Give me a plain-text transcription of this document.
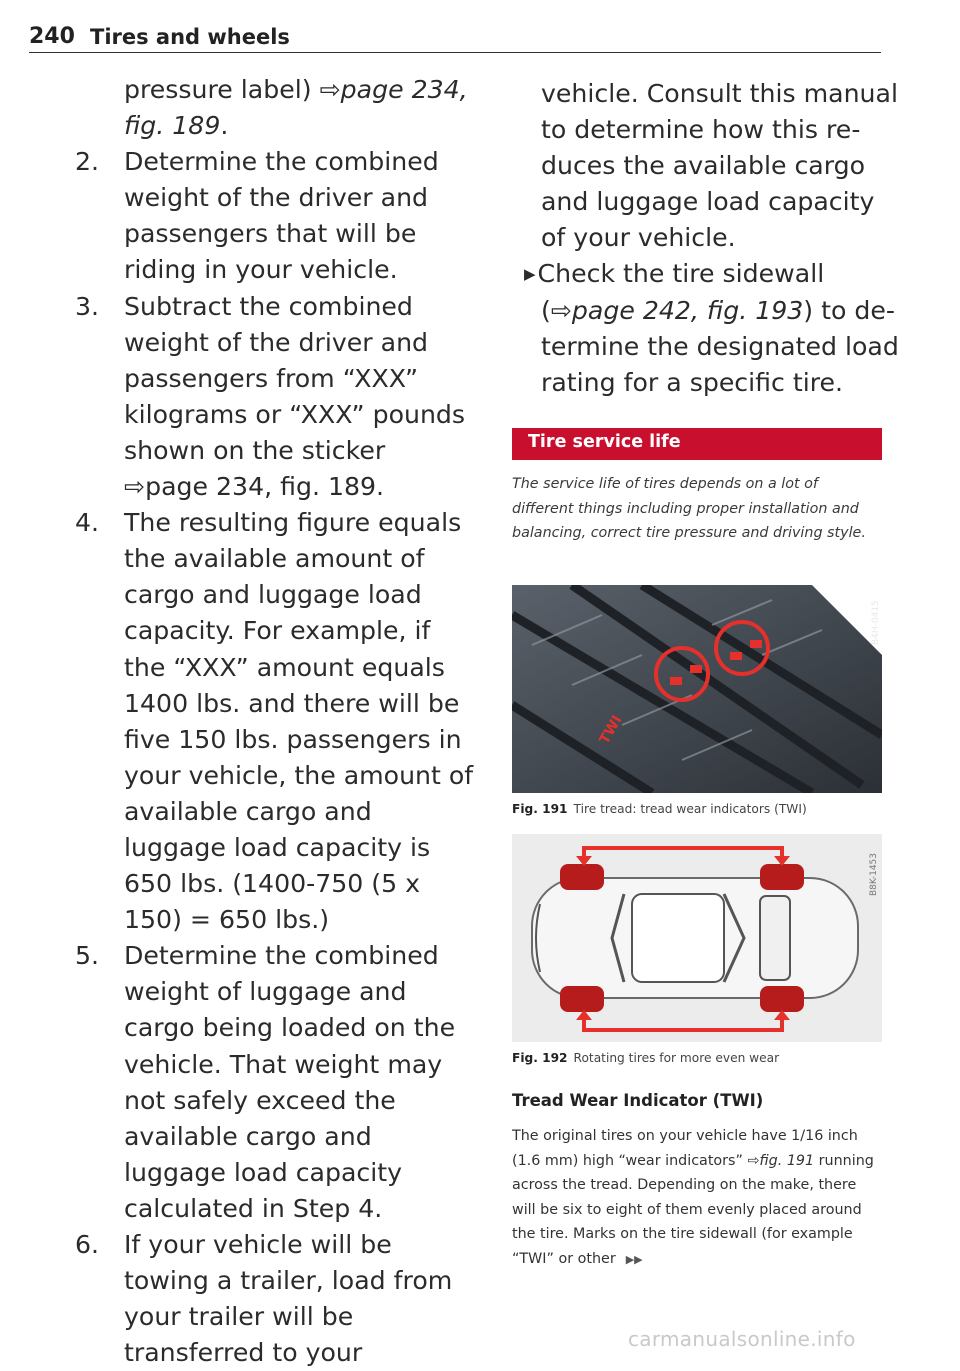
240 Tires and wheels
pressure label) ⇨page 234, fig. 189.
2. Determine the combined weight of the driver and passengers that will be riding in your vehicle.
3. Subtract the combined weight of the driver and passengers from “XXX” kilograms or “XXX” pounds shown on the sticker ⇨page 234, fig. 189.
4. The resulting figure equals the available amount of cargo and luggage load capacity. For example, if the “XXX” amount equals 1400 lbs. and there will be five 150 lbs. passengers in your vehicle, the amount of available cargo and luggage load capacity is 650 lbs. (1400-750 (5 x 150) = 650 lbs.)
5. Determine the combined weight of luggage and cargo being loaded on the vehicle. That weight may not safely exceed the available cargo and luggage load capacity calculated in Step 4.
6. If your vehicle will be towing a trailer, load from your trailer will be transferred to your
vehicle. Consult this manual to determine how this reduces the available cargo and luggage load capacity of your vehicle.
▶Check the tire sidewall
(⇨page 242, fig. 193) to determine the designated load rating for a specific tire.
Tire service life
The service life of tires depends on a lot of different things including proper installation and balancing, correct tire pressure and driving style.
TWI
B4H-0415
Fig. 191 Tire tread: tread wear indicators (TWI)
B8K-1453
Fig. 192 Rotating tires for more even wear
Tread Wear Indicator (TWI)
The original tires on your vehicle have 1/16 inch (1.6 mm) high “wear indicators” ⇨fig. 191 running across the tread. Depending on the make, there will be six to eight of them evenly placed around the tire. Marks on the tire sidewall (for example “TWI” or other ▶▶
carmanualsonline.info
